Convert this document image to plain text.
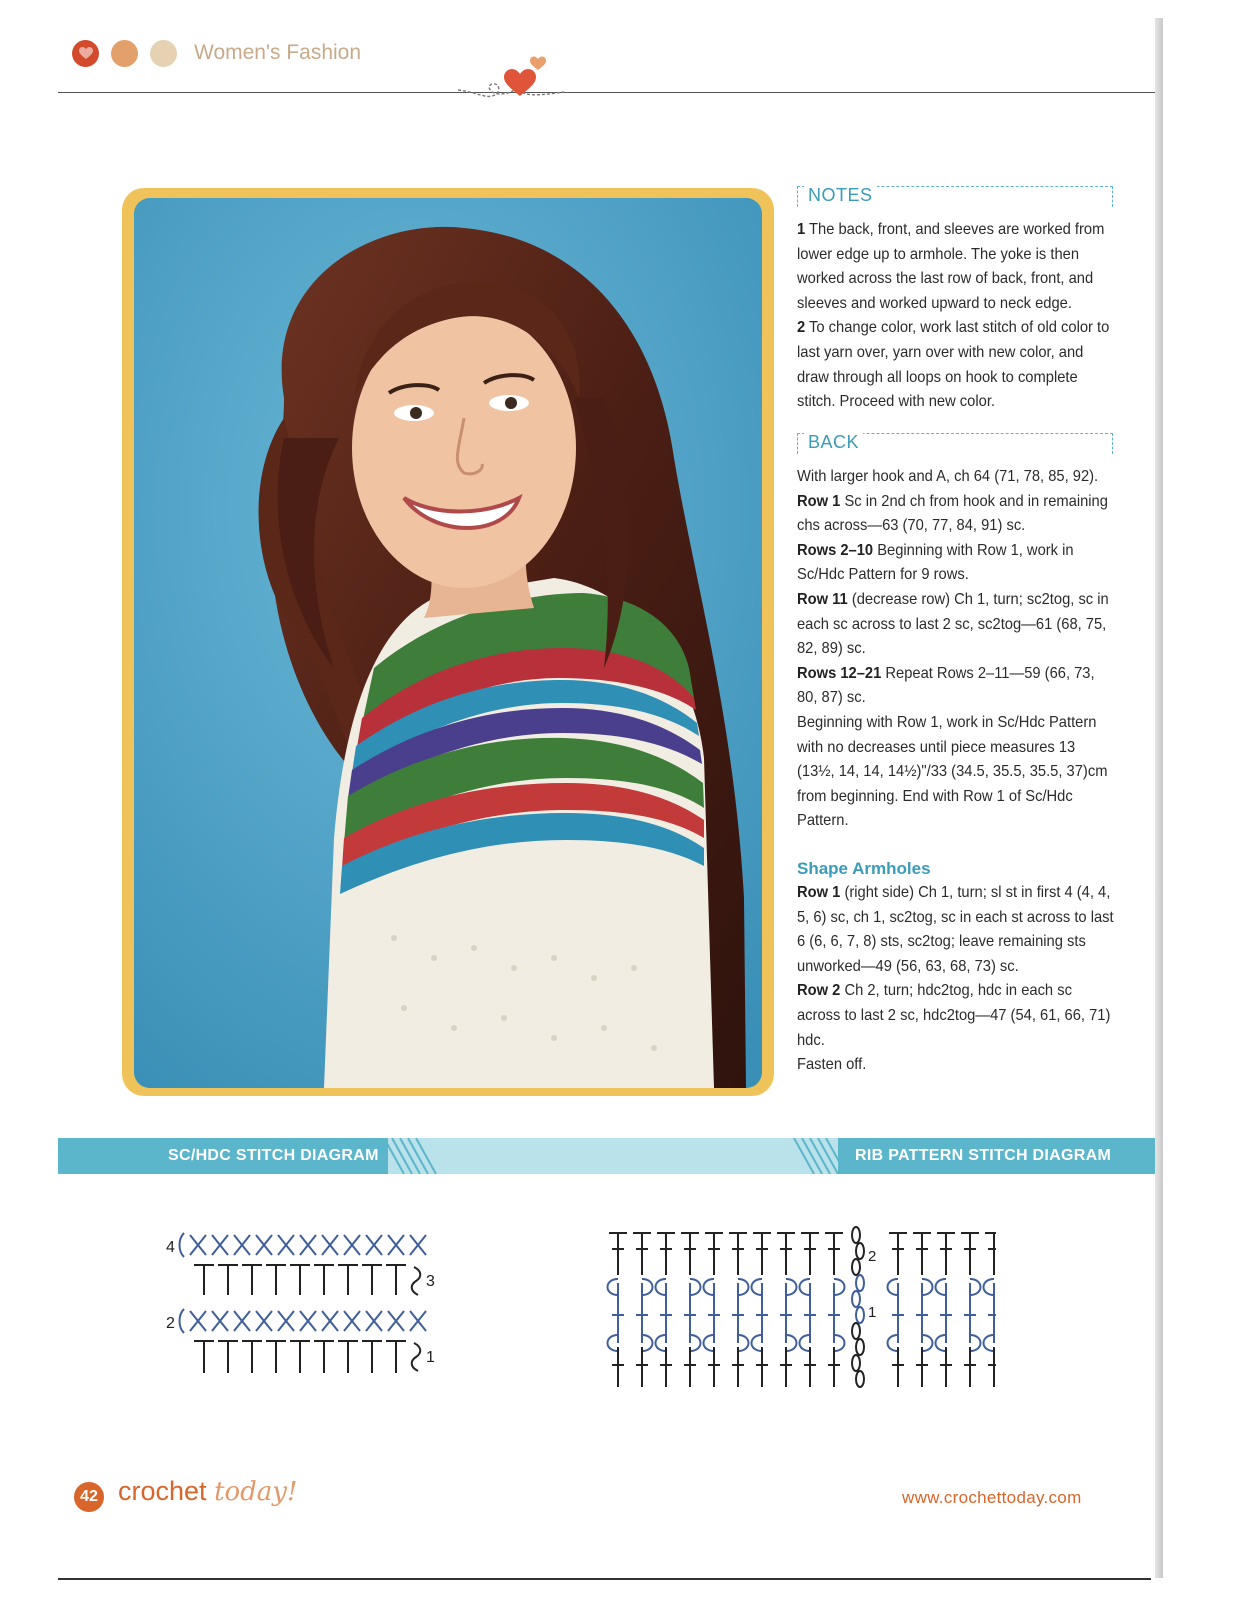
Women's Fashion
NOTES

1 The back, front, and sleeves are worked from lower edge up to armhole. The yoke is then worked across the last row of back, front, and sleeves and worked upward to neck edge.

2 To change color, work last stitch of old color to last yarn over, yarn over with new color, and draw through all loops on hook to complete stitch. Proceed with new color.

BACK

With larger hook and A, ch 64 (71, 78, 85, 92).

Row 1 Sc in 2nd ch from hook and in remaining chs across—63 (70, 77, 84, 91) sc.

Rows 2–10 Beginning with Row 1, work in Sc/Hdc Pattern for 9 rows.

Row 11 (decrease row) Ch 1, turn; sc2tog, sc in each sc across to last 2 sc, sc2tog—61 (68, 75, 82, 89) sc.

Rows 12–21 Repeat Rows 2–11—59 (66, 73, 80, 87) sc.

Beginning with Row 1, work in Sc/Hdc Pattern with no decreases until piece measures 13 (13½, 14, 14, 14½)"/33 (34.5, 35.5, 35.5, 37)cm from beginning. End with Row 1 of Sc/Hdc Pattern.

Shape Armholes

Row 1 (right side) Ch 1, turn; sl st in first 4 (4, 4, 5, 6) sc, ch 1, sc2tog, sc in each st across to last 6 (6, 6, 7, 8) sts, sc2tog; leave remaining sts unworked—49 (56, 63, 68, 73) sc.

Row 2 Ch 2, turn; hdc2tog, hdc in each sc across to last 2 sc, hdc2tog—47 (54, 61, 66, 71) hdc.

Fasten off.

SC/HDC STITCH DIAGRAM	RIB PATTERN STITCH DIAGRAM
4
3
2
1
2
1
42 crochet today!	www.crochettoday.com
